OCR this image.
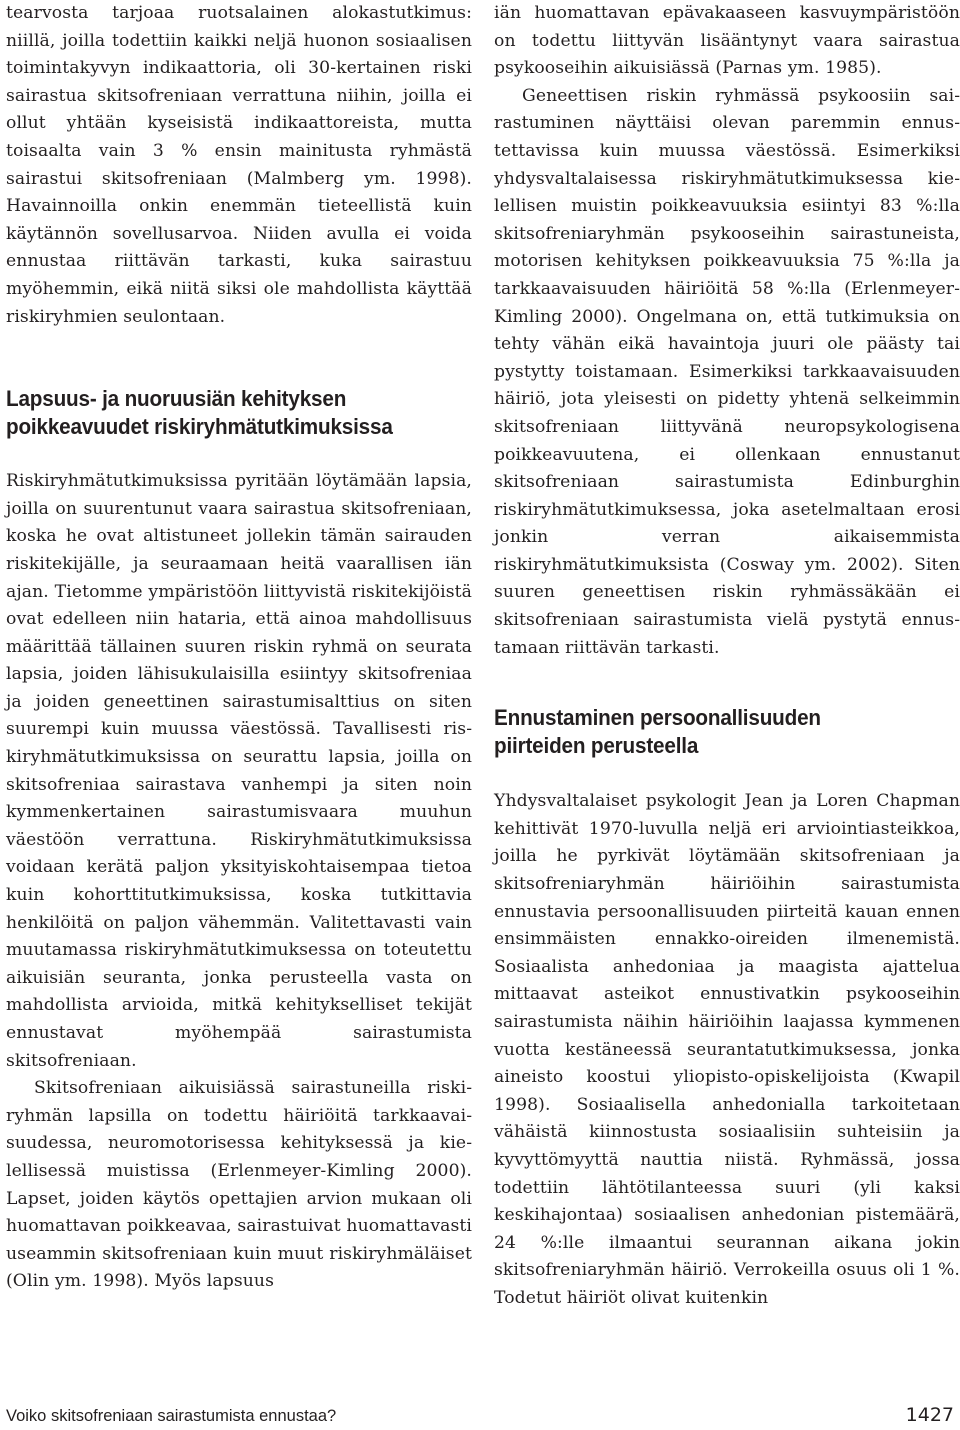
tearvosta tarjoaa ruotsalainen alokastutkimus: niillä, joilla todettiin kaikki neljä huonon sosiaalisen toimintakyvyn indikaattoria, oli 30-kertainen riski sairastua skitsofreniaan verrattuna niihin, joilla ei ollut yhtään kyseisistä indikaattoreista, mutta toisaalta vain 3 % ensin mainitusta ryhmästä sairastui skitsofreniaan (Malmberg ym. 1998). Havainnoilla onkin enemmän tieteellistä kuin käytännön sovellusarvoa. Niiden avulla ei voida ennustaa riittävän tarkasti, kuka sairastuu myöhemmin, eikä niitä siksi ole mahdollista käyttää riskiryhmien seulontaan.

Lapsuus- ja nuoruusiän kehityksen
poikkeavuudet riskiryhmätutkimuksissa

Riskiryhmätutkimuksissa pyritään löytämään lapsia, joilla on suurentunut vaara sairastua skitsofreniaan, koska he ovat altistuneet jollekin tämän sairauden riskitekijälle, ja seuraamaan heitä vaarallisen iän ajan. Tietomme ympäristöön liittyvistä riskitekijöistä ovat edelleen niin hataria, että ainoa mahdollisuus määrittää tällainen suuren riskin ryhmä on seurata lapsia, joiden lähisukulaisilla esiintyy skitsofreniaa ja joiden geneettinen sairastumisalttius on siten suurempi kuin muussa väestössä. Tavallisesti riskiryhmätutkimuksissa on seurattu lapsia, joilla on skitsofreniaa sairastava vanhempi ja siten noin kymmenkertainen sairastumisvaara muuhun väestöön verrattuna. Riskiryhmätutkimuksissa voidaan kerätä paljon yksityiskohtaisempaa tietoa kuin kohorttitutkimuksissa, koska tutkittavia henkilöitä on paljon vähemmän. Valitettavasti vain muutamassa riskiryhmätutkimuksessa on toteutettu aikuisiän seuranta, jonka perusteella vasta on mahdollista arvioida, mitkä kehitykselliset tekijät ennustavat myöhempää sairastumista skitsofreniaan.

Skitsofreniaan aikuisiässä sairastuneilla riskiryhmän lapsilla on todettu häiriöitä tarkkaavaisuudessa, neuromotorisessa kehityksessä ja kielellisessä muistissa (Erlenmeyer-Kimling 2000). Lapset, joiden käytös opettajien arvion mukaan oli huomattavan poikkeavaa, sairastuivat huomattavasti useammin skitsofreniaan kuin muut riskiryhmäläiset (Olin ym. 1998). Myös lapsuus

iän huomattavan epävakaaseen kasvuympäristöön on todettu liittyvän lisääntynyt vaara sairastua psykooseihin aikuisiässä (Parnas ym. 1985).

Geneettisen riskin ryhmässä psykoosiin sairastuminen näyttäisi olevan paremmin ennustettavissa kuin muussa väestössä. Esimerkiksi yhdysvaltalaisessa riskiryhmätutkimuksessa kielellisen muistin poikkeavuuksia esiintyi 83 %:lla skitsofreniaryhmän psykooseihin sairastuneista, motorisen kehityksen poikkeavuuksia 75 %:lla ja tarkkaavaisuuden häiriöitä 58 %:lla (Erlenmeyer-Kimling 2000). Ongelmana on, että tutkimuksia on tehty vähän eikä havaintoja juuri ole päästy tai pystytty toistamaan. Esimerkiksi tarkkaavaisuuden häiriö, jota yleisesti on pidetty yhtenä selkeimmin skitsofreniaan liittyvänä neuropsykologisena poikkeavuutena, ei ollenkaan ennustanut skitsofreniaan sairastumista Edinburghin riskiryhmätutkimuksessa, joka asetelmaltaan erosi jonkin verran aikaisemmista riskiryhmätutkimuksista (Cosway ym. 2002). Siten suuren geneettisen riskin ryhmässäkään ei skitsofreniaan sairastumista vielä pystytä ennustamaan riittävän tarkasti.

Ennustaminen persoonallisuuden
piirteiden perusteella

Yhdysvaltalaiset psykologit Jean ja Loren Chapman kehittivät 1970-luvulla neljä eri arviointiasteikkoa, joilla he pyrkivät löytämään skitsofreniaan ja skitsofreniaryhmän häiriöihin sairastumista ennustavia persoonallisuuden piirteitä kauan ennen ensimmäisten ennakko-oireiden ilmenemistä. Sosiaalista anhedoniaa ja maagista ajattelua mittaavat asteikot ennustivatkin psykooseihin sairastumista näihin häiriöihin laajassa kymmenen vuotta kestäneessä seurantatutkimuksessa, jonka aineisto koostui yliopisto-opiskelijoista (Kwapil 1998). Sosiaalisella anhedonialla tarkoitetaan vähäistä kiinnostusta sosiaalisiin suhteisiin ja kyvyttömyyttä nauttia niistä. Ryhmässä, jossa todettiin lähtötilanteessa suuri (yli kaksi keskihajontaa) sosiaalisen anhedonian pistemäärä, 24 %:lle ilmaantui seurannan aikana jokin skitsofreniaryhmän häiriö. Verrokeilla osuus oli 1 %. Todetut häiriöt olivat kuitenkin

Voiko skitsofreniaan sairastumista ennustaa?	1427
